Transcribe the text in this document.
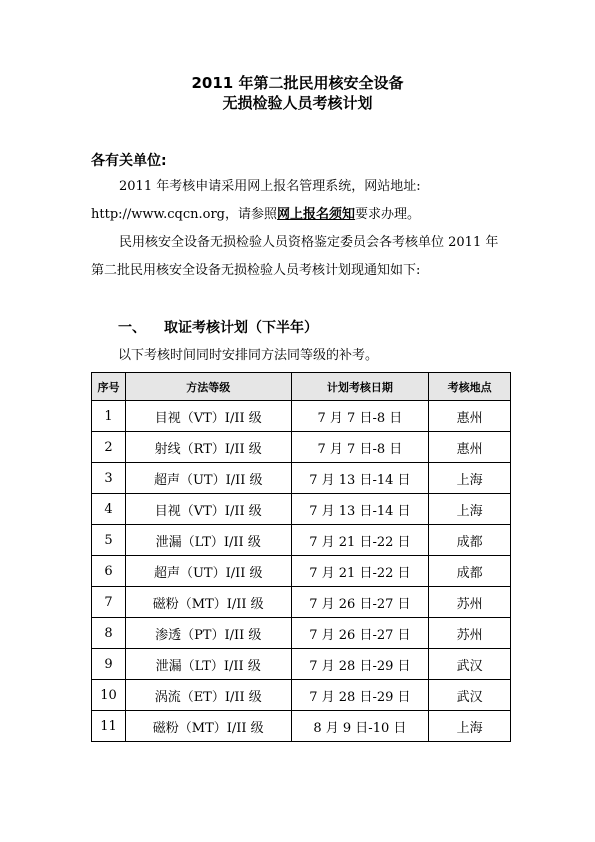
2011 年第二批民用核安全设备
无损检验人员考核计划
各有关单位:
2011 年考核申请采用网上报名管理系统，网站地址: http://www.cqcn.org，请参照网上报名须知要求办理。
民用核安全设备无损检验人员资格鉴定委员会各考核单位 2011 年第二批民用核安全设备无损检验人员考核计划现通知如下:
一、 取证考核计划（下半年）
以下考核时间同时安排同方法同等级的补考。
序号	方法等级	计划考核日期	考核地点
1	目视（VT）I/II 级	7 月 7 日-8 日	惠州
2	射线（RT）I/II 级	7 月 7 日-8 日	惠州
3	超声（UT）I/II 级	7 月 13 日-14 日	上海
4	目视（VT）I/II 级	7 月 13 日-14 日	上海
5	泄漏（LT）I/II 级	7 月 21 日-22 日	成都
6	超声（UT）I/II 级	7 月 21 日-22 日	成都
7	磁粉（MT）I/II 级	7 月 26 日-27 日	苏州
8	渗透（PT）I/II 级	7 月 26 日-27 日	苏州
9	泄漏（LT）I/II 级	7 月 28 日-29 日	武汉
10	涡流（ET）I/II 级	7 月 28 日-29 日	武汉
11	磁粉（MT）I/II 级	8 月 9 日-10 日	上海
